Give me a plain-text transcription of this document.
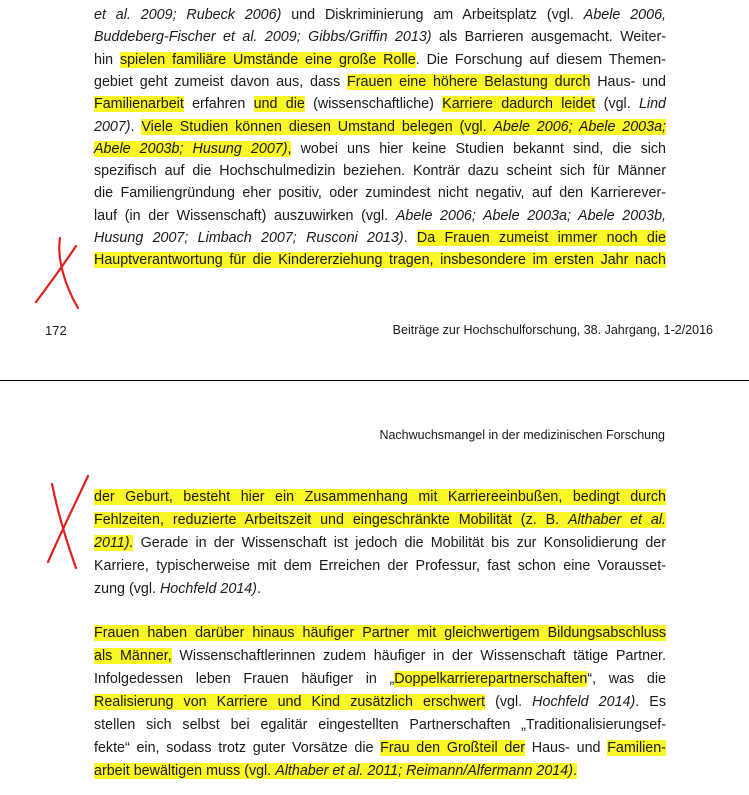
et al. 2009; Rubeck 2006) und Diskriminierung am Arbeitsplatz (vgl. Abele 2006,
Buddeberg-Fischer et al. 2009; Gibbs/Griffin 2013) als Barrieren ausgemacht. Weiter-
hin spielen familiäre Umstände eine große Rolle. Die Forschung auf diesem Themen-
gebiet geht zumeist davon aus, dass Frauen eine höhere Belastung durch Haus- und
Familienarbeit erfahren und die (wissenschaftliche) Karriere dadurch leidet (vgl. Lind
2007). Viele Studien können diesen Umstand belegen (vgl. Abele 2006; Abele 2003a;
Abele 2003b; Husung 2007), wobei uns hier keine Studien bekannt sind, die sich
spezifisch auf die Hochschulmedizin beziehen. Konträr dazu scheint sich für Männer
die Familiengründung eher positiv, oder zumindest nicht negativ, auf den Karrierever-
lauf (in der Wissenschaft) auszuwirken (vgl. Abele 2006; Abele 2003a; Abele 2003b,
Husung 2007; Limbach 2007; Rusconi 2013). Da Frauen zumeist immer noch die
Hauptverantwortung für die Kindererziehung tragen, insbesondere im ersten Jahr nach
172	Beiträge zur Hochschulforschung, 38. Jahrgang, 1-2/2016
Nachwuchsmangel in der medizinischen Forschung
der Geburt, besteht hier ein Zusammenhang mit Karriereeinbußen, bedingt durch
Fehlzeiten, reduzierte Arbeitszeit und eingeschränkte Mobilität (z. B. Althaber et al.
2011). Gerade in der Wissenschaft ist jedoch die Mobilität bis zur Konsolidierung der
Karriere, typischerweise mit dem Erreichen der Professur, fast schon eine Vorausset-
zung (vgl. Hochfeld 2014).
Frauen haben darüber hinaus häufiger Partner mit gleichwertigem Bildungsabschluss
als Männer, Wissenschaftlerinnen zudem häufiger in der Wissenschaft tätige Partner.
Infolgedessen leben Frauen häufiger in „Doppelkarrierepartnerschaften“, was die
Realisierung von Karriere und Kind zusätzlich erschwert (vgl. Hochfeld 2014). Es
stellen sich selbst bei egalitär eingestellten Partnerschaften „Traditionalisierungsef-
fekte“ ein, sodass trotz guter Vorsätze die Frau den Großteil der Haus- und Familien-
arbeit bewältigen muss (vgl. Althaber et al. 2011; Reimann/Alfermann 2014).
